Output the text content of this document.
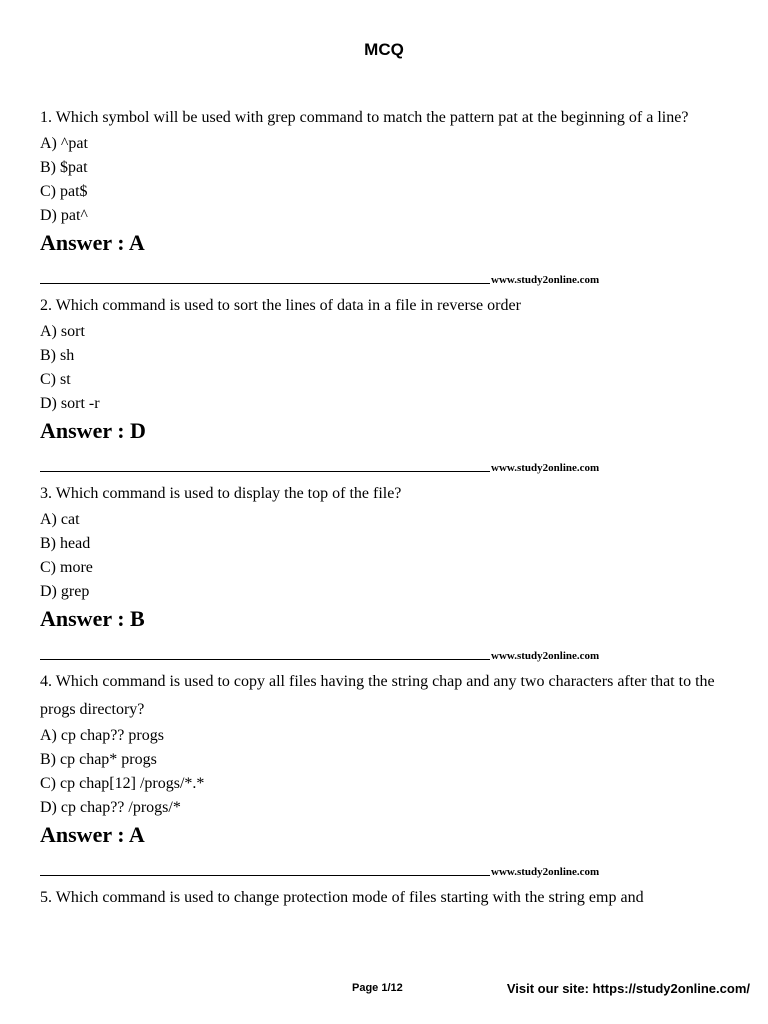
MCQ

1. Which symbol will be used with grep command to match the pattern pat at the beginning of a line?

A) ^pat

B) $pat

C) pat$

D) pat^

Answer : A

www.study2online.com

2. Which command is used to sort the lines of data in a file in reverse order

A) sort

B) sh

C) st

D) sort -r

Answer : D

www.study2online.com

3. Which command is used to display the top of the file?

A) cat

B) head

C) more

D) grep

Answer : B

www.study2online.com

4. Which command is used to copy all files having the string chap and any two characters after that to the progs directory?

A) cp chap?? progs

B) cp chap* progs

C) cp chap[12] /progs/*.*

D) cp chap?? /progs/*

Answer : A

www.study2online.com

5. Which command is used to change protection mode of files starting with the string emp and

Page 1/12	Visit our site: https://study2online.com/
